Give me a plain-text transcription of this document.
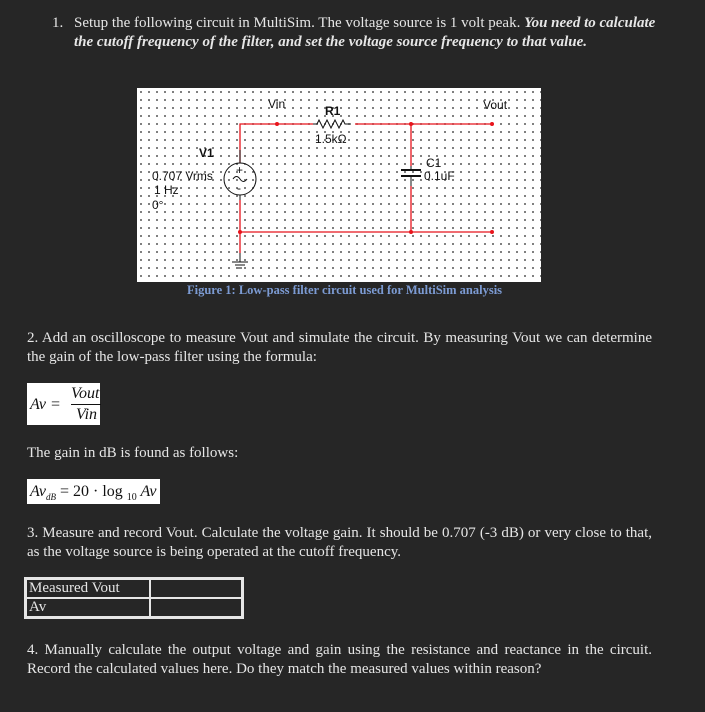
1. Setup the following circuit in MultiSim. The voltage source is 1 volt peak. You need to calculate the cutoff frequency of the filter, and set the voltage source frequency to that value.
+
-
Vin	Vout
R1
1.5kΩ
V1
0.707 Vrms
1 Hz
0°
C1
0.1uF
Figure 1: Low-pass filter circuit used for MultiSim analysis
2. Add an oscilloscope to measure Vout and simulate the circuit. By measuring Vout we can determine the gain of the low-pass filter using the formula:
Av =
Vout
Vin
The gain in dB is found as follows:
$Av_{dB} = 20 \cdot \log _{10}$ Av
3. Measure and record Vout. Calculate the voltage gain. It should be 0.707 (-3 dB) or very close to that, as the voltage source is being operated at the cutoff frequency.
Measured Vout	
Av	
4. Manually calculate the output voltage and gain using the resistance and reactance in the circuit. Record the calculated values here. Do they match the measured values within reason?
